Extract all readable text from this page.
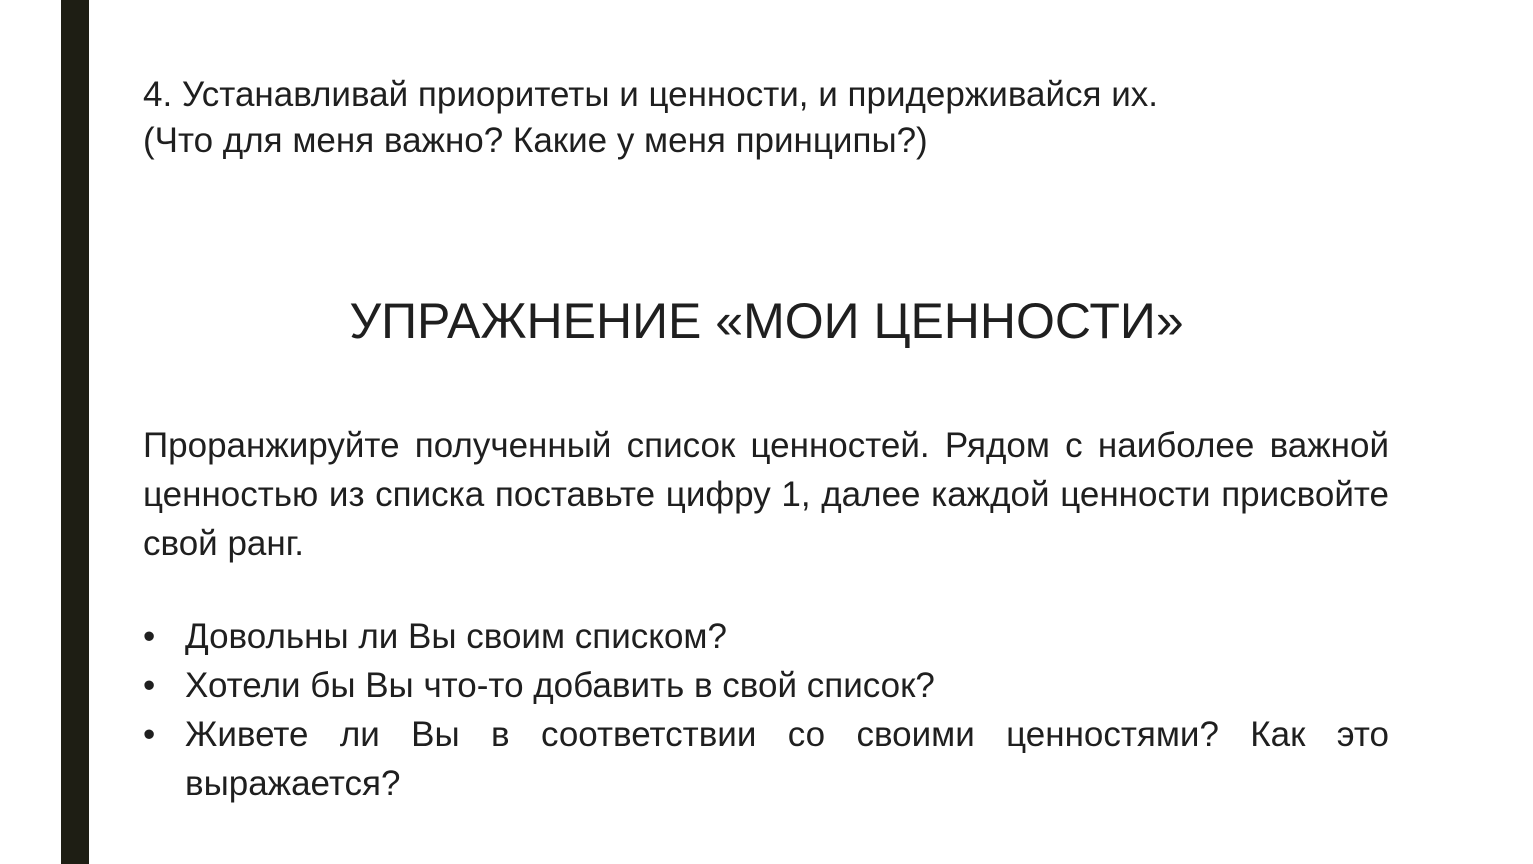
4. Устанавливай приоритеты и ценности, и придерживайся их.

(Что для меня важно? Какие у меня принципы?)

УПРАЖНЕНИЕ «МОИ ЦЕННОСТИ»

Проранжируйте полученный список ценностей. Рядом с наиболее важной ценностью из списка поставьте цифру 1, далее каждой ценности присвойте свой ранг.

• Довольны ли Вы своим списком?
• Хотели бы Вы что-то добавить в свой список?
• Живете ли Вы в соответствии со своими ценностями? Как это выражается?
